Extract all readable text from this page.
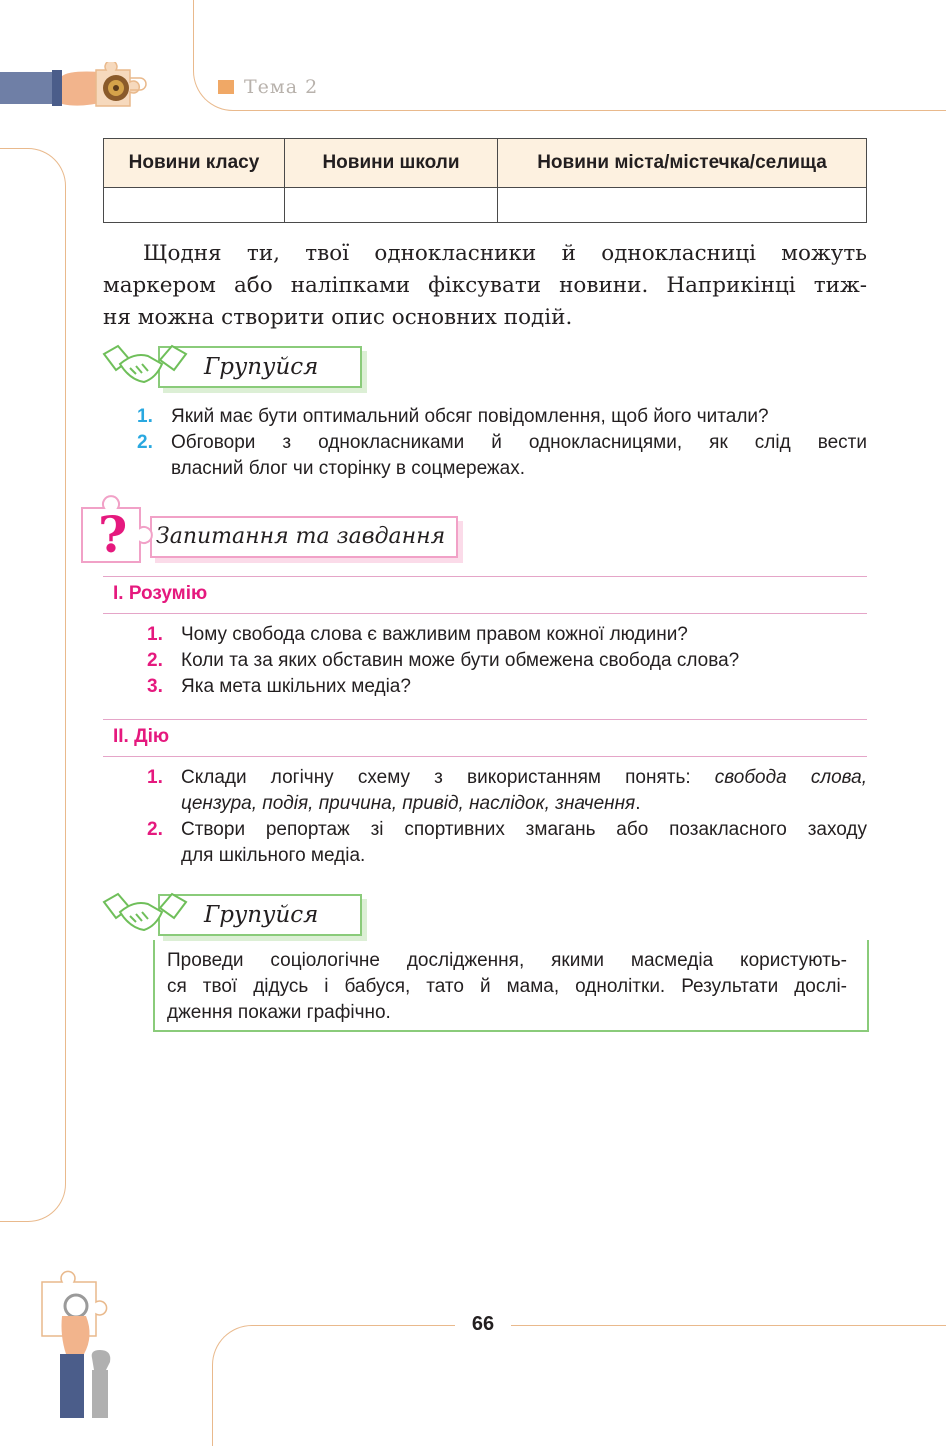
Тема 2
Новини класу	Новини школи	Новини міста/містечка/селища

Щодня ти, твої однокласники й однокласниці можуть
маркером або наліпками фіксувати новини. Наприкінці тиж-
ня можна створити опис основних подій.
Групуйся
1. Який має бути оптимальний обсяг повідомлення, щоб його читали?
2. Обговори з однокласниками й однокласницями, як слід вести
власний блог чи сторінку в соцмережах.
Запитання та завдання
?
І. Розумію
1. Чому свобода слова є важливим правом кожної людини?
2. Коли та за яких обставин може бути обмежена свобода слова?
3. Яка мета шкільних медіа?
ІІ. Дію
1. Склади логічну схему з використанням понять: свобода слова,
цензура, подія, причина, привід, наслідок, значення.
2. Створи репортаж зі спортивних змагань або позакласного заходу
для шкільного медіа.
Проведи соціологічне дослідження, якими масмедіа користують-
ся твої дідусь і бабуся, тато й мама, однолітки. Результати дослі-
дження покажи графічно.
Групуйся
66
